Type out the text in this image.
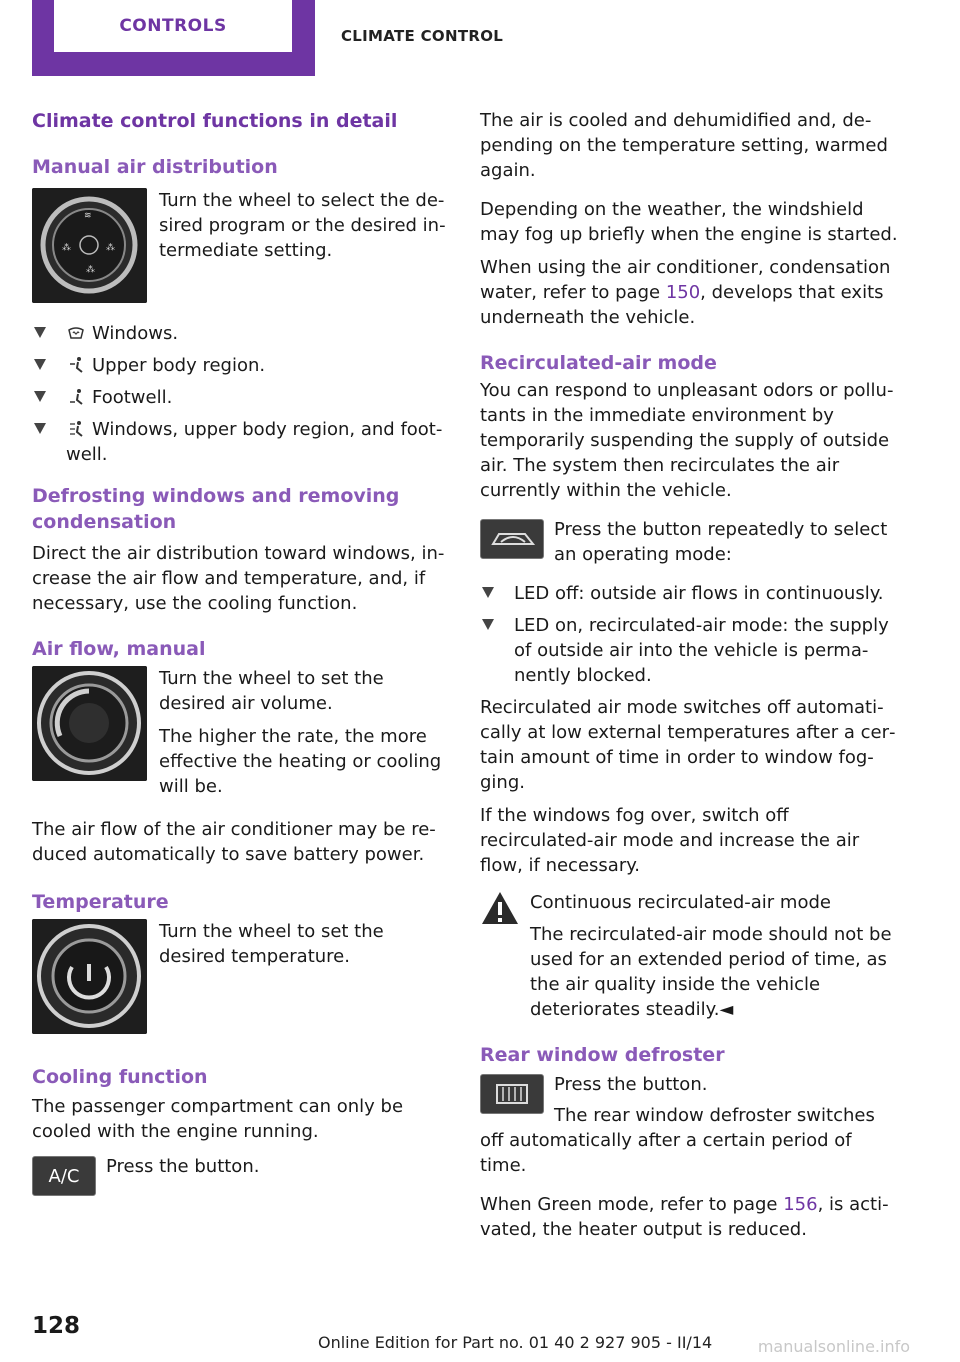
CONTROLS
CLIMATE CONTROL
Climate control functions in detail
Manual air distribution
≋
⁂	⁂
⁂
Turn the wheel to select the desired program or the desired intermediate setting.
Windows.
Upper body region.
Footwell.
Windows, upper body region, and footwell.
Defrosting windows and removing condensation

Direct the air distribution toward windows, increase the air flow and temperature, and, if necessary, use the cooling function.

Air flow, manual

Turn the wheel to set the desired air volume.

The higher the rate, the more effective the heating or cooling will be.

The air flow of the air conditioner may be reduced automatically to save battery power.

Temperature
Turn the wheel to set the desired temperature.
Cooling function

The passenger compartment can only be cooled with the engine running.

A/C Press the button.

The air is cooled and dehumidified and, depending on the temperature setting, warmed again.

Depending on the weather, the windshield may fog up briefly when the engine is started.

When using the air conditioner, condensation water, refer to page 150, develops that exits underneath the vehicle.

Recirculated-air mode

You can respond to unpleasant odors or pollutants in the immediate environment by temporarily suspending the supply of outside air. The system then recirculates the air currently within the vehicle.

Press the button repeatedly to select an operating mode:
LED off: outside air flows in continuously.
LED on, recirculated-air mode: the supply of outside air into the vehicle is permanently blocked.

Recirculated air mode switches off automatically at low external temperatures after a certain amount of time in order to window fogging.

If the windows fog over, switch off recirculated-air mode and increase the air flow, if necessary.

Continuous recirculated-air mode

The recirculated-air mode should not be used for an extended period of time, as the air quality inside the vehicle deteriorates steadily.◄

Rear window defroster
Press the button.
The rear window defroster switches off automatically after a certain period of time.

When Green mode, refer to page 156, is activated, the heater output is reduced.

128
Online Edition for Part no. 01 40 2 927 905 - II/14	manualsonline.info
